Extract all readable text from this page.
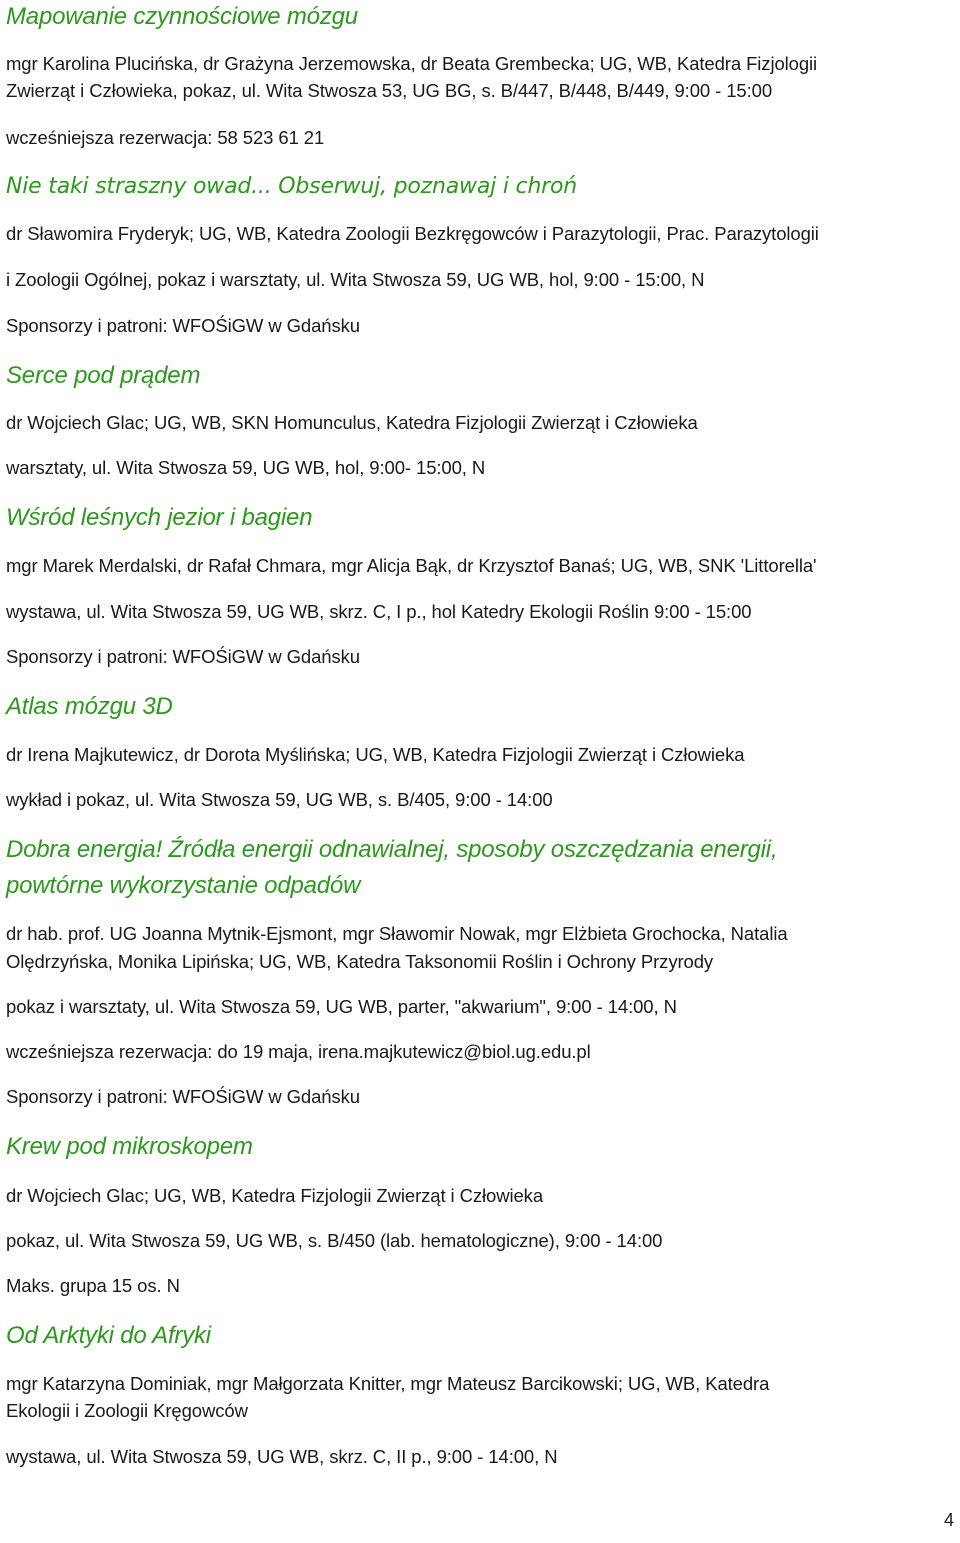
Mapowanie czynnościowe mózgu

mgr Karolina Plucińska, dr Grażyna Jerzemowska, dr Beata Grembecka; UG, WB, Katedra Fizjologii

Zwierząt i Człowieka, pokaz, ul. Wita Stwosza 53, UG BG, s. B/447, B/448, B/449, 9:00 - 15:00

wcześniejsza rezerwacja: 58 523 61 21

Nie taki straszny owad... Obserwuj, poznawaj i chroń

dr Sławomira Fryderyk; UG, WB, Katedra Zoologii Bezkręgowców i Parazytologii, Prac. Parazytologii

i Zoologii Ogólnej, pokaz i warsztaty, ul. Wita Stwosza 59, UG WB, hol, 9:00 - 15:00, N

Sponsorzy i patroni: WFOŚiGW w Gdańsku

Serce pod prądem

dr Wojciech Glac; UG, WB, SKN Homunculus, Katedra Fizjologii Zwierząt i Człowieka

warsztaty, ul. Wita Stwosza 59, UG WB, hol, 9:00- 15:00, N

Wśród leśnych jezior i bagien

mgr Marek Merdalski, dr Rafał Chmara, mgr Alicja Bąk, dr Krzysztof Banaś; UG, WB, SNK 'Littorella'

wystawa, ul. Wita Stwosza 59, UG WB, skrz. C, I p., hol Katedry Ekologii Roślin 9:00 - 15:00

Sponsorzy i patroni: WFOŚiGW w Gdańsku

Atlas mózgu 3D

dr Irena Majkutewicz, dr Dorota Myślińska; UG, WB, Katedra Fizjologii Zwierząt i Człowieka

wykład i pokaz, ul. Wita Stwosza 59, UG WB, s. B/405, 9:00 - 14:00

Dobra energia! Źródła energii odnawialnej, sposoby oszczędzania energii,
powtórne wykorzystanie odpadów

dr hab. prof. UG Joanna Mytnik-Ejsmont, mgr Sławomir Nowak, mgr Elżbieta Grochocka, Natalia

Olędrzyńska, Monika Lipińska; UG, WB, Katedra Taksonomii Roślin i Ochrony Przyrody

pokaz i warsztaty, ul. Wita Stwosza 59, UG WB, parter, "akwarium", 9:00 - 14:00, N

wcześniejsza rezerwacja: do 19 maja, irena.majkutewicz@biol.ug.edu.pl

Sponsorzy i patroni: WFOŚiGW w Gdańsku

Krew pod mikroskopem

dr Wojciech Glac; UG, WB, Katedra Fizjologii Zwierząt i Człowieka

pokaz, ul. Wita Stwosza 59, UG WB, s. B/450 (lab. hematologiczne), 9:00 - 14:00

Maks. grupa 15 os. N

Od Arktyki do Afryki

mgr Katarzyna Dominiak, mgr Małgorzata Knitter, mgr Mateusz Barcikowski; UG, WB, Katedra

Ekologii i Zoologii Kręgowców

wystawa, ul. Wita Stwosza 59, UG WB, skrz. C, II p., 9:00 - 14:00, N

4
